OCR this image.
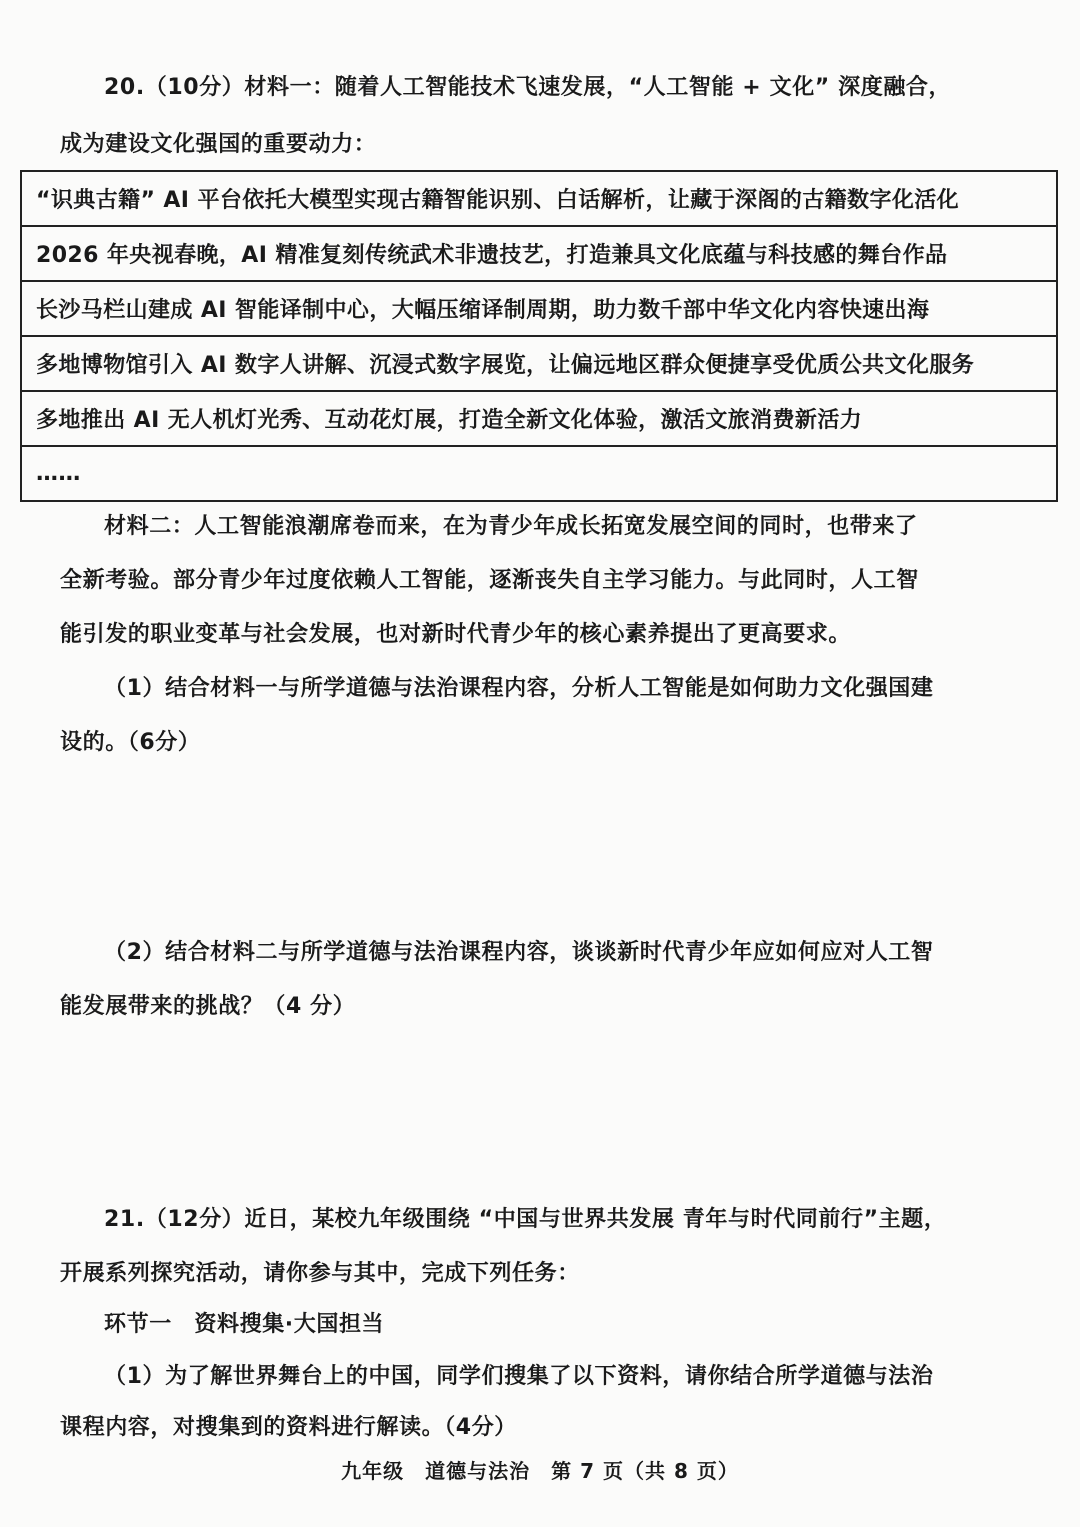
20.（10分）材料一：随着人工智能技术飞速发展，“人工智能 + 文化” 深度融合，
成为建设文化强国的重要动力：
“识典古籍” AI 平台依托大模型实现古籍智能识别、白话解析，让藏于深阁的古籍数字化活化
2026 年央视春晚，AI 精准复刻传统武术非遗技艺，打造兼具文化底蕴与科技感的舞台作品
长沙马栏山建成 AI 智能译制中心，大幅压缩译制周期，助力数千部中华文化内容快速出海
多地博物馆引入 AI 数字人讲解、沉浸式数字展览，让偏远地区群众便捷享受优质公共文化服务
多地推出 AI 无人机灯光秀、互动花灯展，打造全新文化体验，激活文旅消费新活力
……
材料二：人工智能浪潮席卷而来，在为青少年成长拓宽发展空间的同时，也带来了
全新考验。部分青少年过度依赖人工智能，逐渐丧失自主学习能力。与此同时，人工智
能引发的职业变革与社会发展，也对新时代青少年的核心素养提出了更高要求。
（1）结合材料一与所学道德与法治课程内容，分析人工智能是如何助力文化强国建
设的。（6分）
（2）结合材料二与所学道德与法治课程内容，谈谈新时代青少年应如何应对人工智
能发展带来的挑战？（4 分）
21.（12分）近日，某校九年级围绕 “中国与世界共发展 青年与时代同前行”主题，
开展系列探究活动，请你参与其中，完成下列任务：
环节一　资料搜集·大国担当
（1）为了解世界舞台上的中国，同学们搜集了以下资料，请你结合所学道德与法治
课程内容，对搜集到的资料进行解读。（4分）
九年级　道德与法治　第 7 页（共 8 页）
